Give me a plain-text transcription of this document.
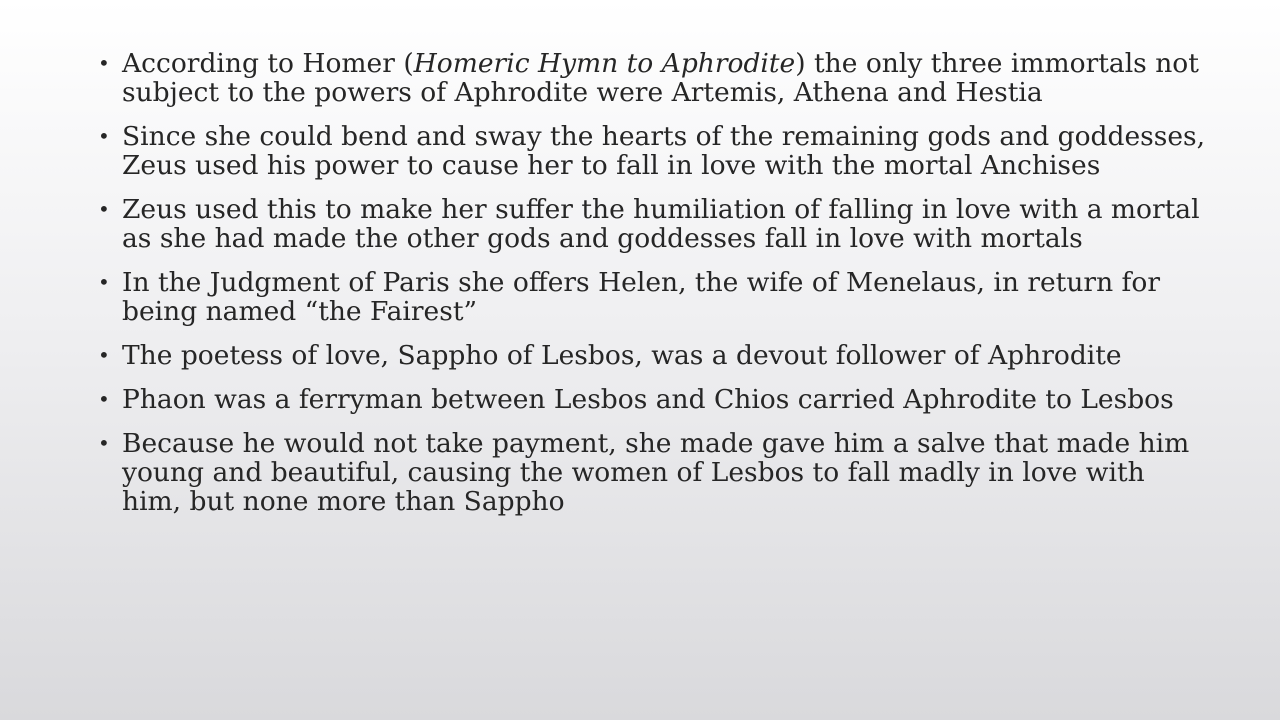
• According to Homer (Homeric Hymn to Aphrodite) the only three immortals not subject to the powers of Aphrodite were Artemis, Athena and Hestia
• Since she could bend and sway the hearts of the remaining gods and goddesses, Zeus used his power to cause her to fall in love with the mortal Anchises
• Zeus used this to make her suffer the humiliation of falling in love with a mortal as she had made the other gods and goddesses fall in love with mortals
• In the Judgment of Paris she offers Helen, the wife of Menelaus, in return for being named “the Fairest”
• The poetess of love, Sappho of Lesbos, was a devout follower of Aphrodite
• Phaon was a ferryman between Lesbos and Chios carried Aphrodite to Lesbos
• Because he would not take payment, she made gave him a salve that made him young and beautiful, causing the women of Lesbos to fall madly in love with him, but none more than Sappho
